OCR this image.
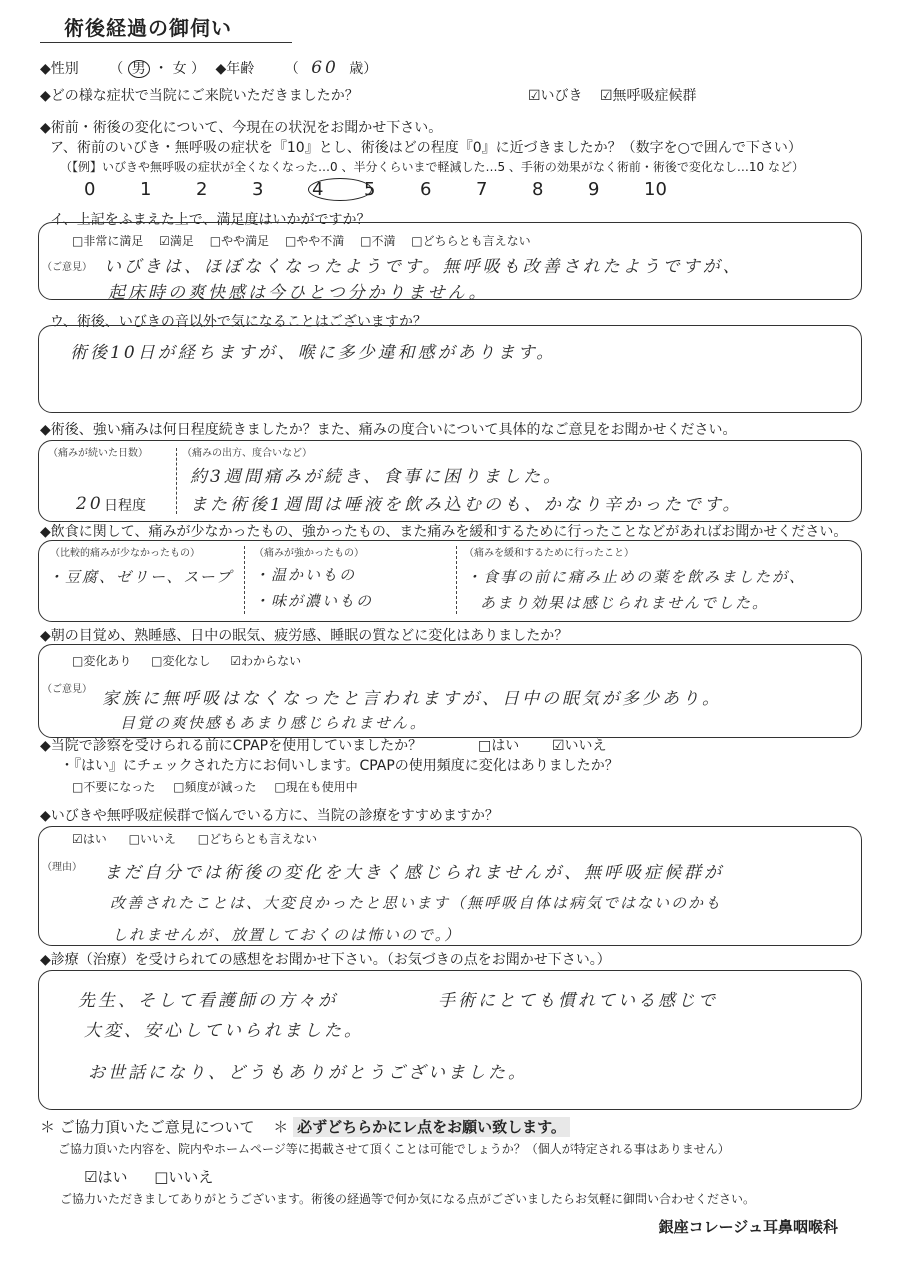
術後経過の御伺い
◆性別 （ 男 ・ 女 ） ◆年齢 （ 60 歳）
◆どの様な症状で当院にご来院いただきましたか？	☑いびき ☑無呼吸症候群
◆術前・術後の変化について、今現在の状況をお聞かせ下さい。
ア、術前のいびき・無呼吸の症状を『10』とし、術後はどの程度『0』に近づきましたか？（数字を○で囲んで下さい）
（【例】いびきや無呼吸の症状が全くなくなった…0 、半分くらいまで軽減した…5 、手術の効果がなく術前・術後で変化なし…10 など）
0 1 2 3	4 5 6 7 8 9 10
イ、上記をふまえた上で、満足度はいかがですか？
□非常に満足 ☑満足 □やや満足 □やや不満 □不満 □どちらとも言えない
（ご意見） いびきは、ほぼなくなったようです。無呼吸も改善されたようですが、
起床時の爽快感は今ひとつ分かりません。
ウ、術後、いびきの音以外で気になることはございますか？
術後10日が経ちますが、喉に多少違和感があります。
◆術後、強い痛みは何日程度続きましたか？また、痛みの度合いについて具体的なご意見をお聞かせください。
（痛みが続いた日数）
20 日程度
（痛みの出方、度合いなど）
約3週間痛みが続き、食事に困りました。
また術後1週間は唾液を飲み込むのも、かなり辛かったです。
◆飲食に関して、痛みが少なかったもの、強かったもの、また痛みを緩和するために行ったことなどがあればお聞かせください。
（比較的痛みが少なかったもの）
・豆腐、ゼリー、スープ
（痛みが強かったもの）
・温かいもの
・味が濃いもの
（痛みを緩和するために行ったこと）
・食事の前に痛み止めの薬を飲みましたが、
あまり効果は感じられませんでした。
◆朝の目覚め、熟睡感、日中の眠気、疲労感、睡眠の質などに変化はありましたか？
□変化あり □変化なし ☑わからない
（ご意見） 家族に無呼吸はなくなったと言われますが、日中の眠気が多少あり。
目覚の爽快感もあまり感じられません。
◆当院で診察を受けられる前にCPAPを使用していましたか？	□はい ☑いいえ
・『はい』にチェックされた方にお伺いします。CPAPの使用頻度に変化はありましたか？
□不要になった □頻度が減った □現在も使用中
◆いびきや無呼吸症候群で悩んでいる方に、当院の診療をすすめますか？
☑はい □いいえ □どちらとも言えない
（理由） まだ自分では術後の変化を大きく感じられませんが、無呼吸症候群が
改善されたことは、大変良かったと思います（無呼吸自体は病気ではないのかも
しれませんが、放置しておくのは怖いので。）
◆診療（治療）を受けられての感想をお聞かせ下さい。（お気づきの点をお聞かせ下さい。）
先生、そして看護師の方々が　　　　　手術にとても慣れている感じで
大変、安心していられました。
お世話になり、どうもありがとうございました。
＊ ご協力頂いたご意見について ＊ 必ずどちらかにレ点をお願い致します。
ご協力頂いた内容を、院内やホームページ等に掲載させて頂くことは可能でしょうか？（個人が特定される事はありません）
☑はい □いいえ
ご協力いただきましてありがとうございます。術後の経過等で何か気になる点がございましたらお気軽に御問い合わせください。
銀座コレージュ耳鼻咽喉科
